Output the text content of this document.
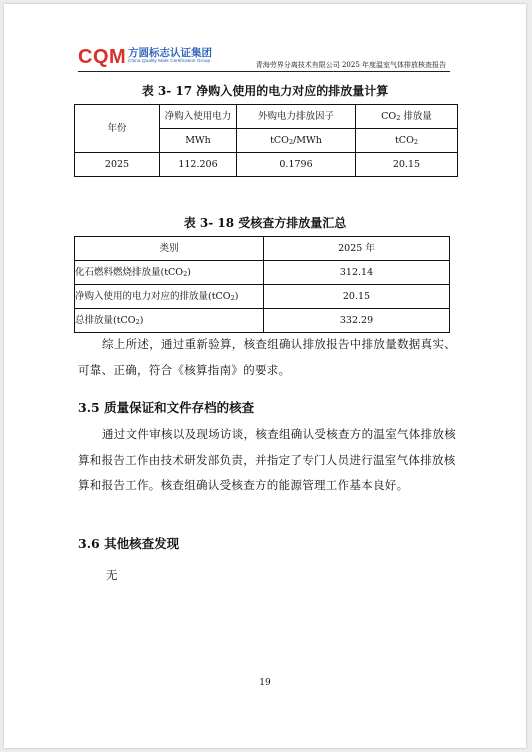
CQM 方圆标志认证集团
China Quality Mark Certification Group	青海劳界分离技术有限公司 2025 年度温室气体排放核查报告
表 3- 17 净购入使用的电力对应的排放量计算
年份	净购入使用电力	外购电力排放因子	$CO_2$ 排放量
	MWh	tCO$_2$/MWh	tCO$_2$
2025	112.206	0.1796	20.15
表 3- 18 受核查方排放量汇总
类别	2025 年
化石燃料燃烧排放量(tCO$_2$)	312.14
净购入使用的电力对应的排放量(tCO$_2$)	20.15
总排放量(tCO$_2$)	332.29

综上所述，通过重新验算，核查组确认排放报告中排放量数据真实、可靠、正确，符合《核算指南》的要求。

3.5 质量保证和文件存档的核查

通过文件审核以及现场访谈，核查组确认受核查方的温室气体排放核算和报告工作由技术研发部负责，并指定了专门人员进行温室气体排放核算和报告工作。核查组确认受核查方的能源管理工作基本良好。

3.6 其他核查发现
无
19
